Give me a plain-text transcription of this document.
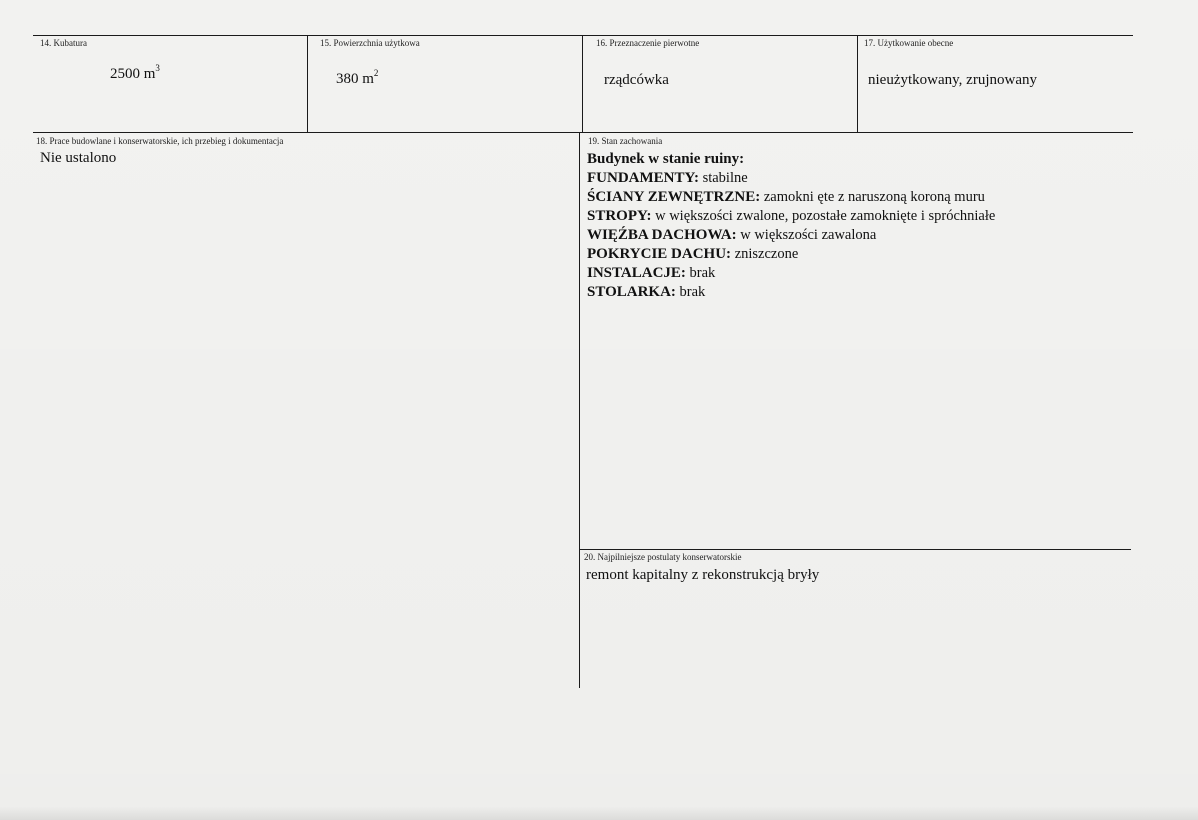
14. Kubatura
2500 $m^3$
15. Powierzchnia użytkowa
380 $m^2$
16. Przeznaczenie pierwotne
rządcówka
17. Użytkowanie obecne
nieużytkowany, zrujnowany
18. Prace budowlane i konserwatorskie, ich przebieg i dokumentacja
Nie ustalono
19. Stan zachowania
Budynek w stanie ruiny:
FUNDAMENTY: stabilne
ŚCIANY ZEWNĘTRZNE: zamokni ęte z naruszoną koroną muru
STROPY: w większości zwalone, pozostałe zamoknięte i spróchniałe
WIĘŹBA DACHOWA: w większości zawalona
POKRYCIE DACHU: zniszczone
INSTALACJE: brak
STOLARKA: brak
20. Najpilniejsze postulaty konserwatorskie
remont kapitalny z rekonstrukcją bryły
